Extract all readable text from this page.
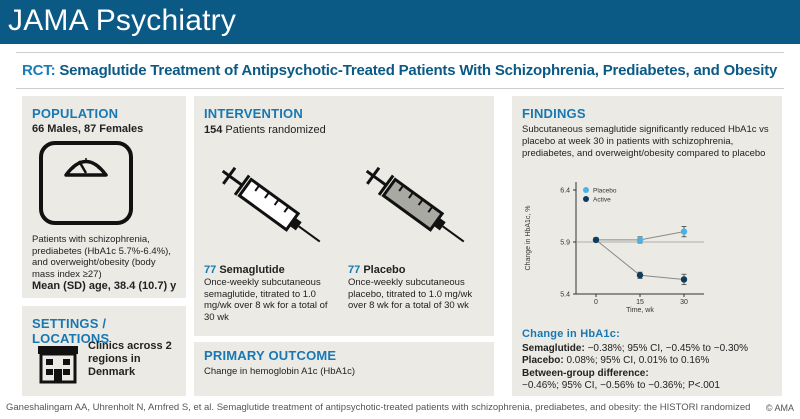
JAMA Psychiatry
RCT: Semaglutide Treatment of Antipsychotic-Treated Patients With Schizophrenia, Prediabetes, and Obesity
POPULATION
66 Males, 87 Females
Patients with schizophrenia, prediabetes (HbA1c 5.7%-6.4%), and overweight/obesity (body mass index ≥27)
Mean (SD) age, 38.4 (10.7) y
SETTINGS / LOCATIONS
Clinics across 2 regions in Denmark
INTERVENTION
154 Patients randomized
77 Semaglutide
Once-weekly subcutaneous semaglutide, titrated to 1.0 mg/wk over 8 wk for a total of 30 wk
77 Placebo
Once-weekly subcutaneous placebo, titrated to 1.0 mg/wk over 8 wk for a total of 30 wk
PRIMARY OUTCOME
Change in hemoglobin A1c (HbA1c)
FINDINGS
Subcutaneous semaglutide significantly reduced HbA1c vs placebo at week 30 in patients with schizophrenia, prediabetes, and overweight/obesity compared to placebo
6.4
5.9
5.4
0	15	30
Change in HbA1c, %
Time, wk
Placebo
Active
Change in HbA1c:
Semaglutide: −0.38%; 95% CI, −0.45% to −0.30%
Placebo: 0.08%; 95% CI, 0.01% to 0.16%
Between-group difference:
−0.46%; 95% CI, −0.56% to −0.36%; P<.001
Ganeshalingam AA, Uhrenholt N, Arnfred S, et al. Semaglutide treatment of antipsychotic-treated patients with schizophrenia, prediabetes, and obesity: the HISTORI randomized © AMA
